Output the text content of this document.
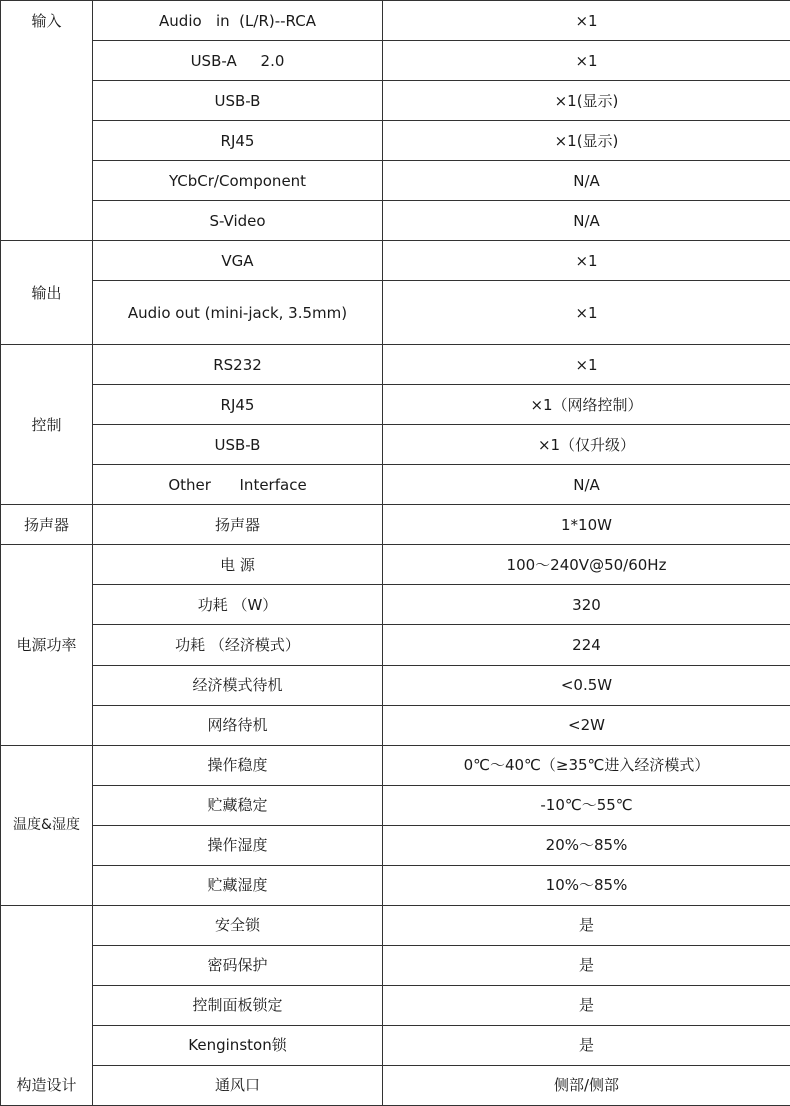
输入	Audio   in  (L/R)--RCA	×1
	USB-A     2.0	×1
	USB-B	×1(显示)
	RJ45	×1(显示)
	YCbCr/Component	N/A
	S-Video	N/A
输出	VGA	×1
	Audio out (mini-jack, 3.5mm)	×1
控制	RS232	×1
	RJ45	×1（网络控制）
	USB-B	×1（仅升级）
	Other      Interface	N/A
扬声器	扬声器	1*10W
电源功率	电 源	100～240V@50/60Hz
	功耗 （W）	320
	功耗 （经济模式）	224
	经济模式待机	<0.5W
	网络待机	<2W
温度&湿度	操作稳度	0℃～40℃（≥35℃进入经济模式）
	贮藏稳定	-10℃～55℃
	操作湿度	20%～85%
	贮藏湿度	10%～85%
构造设计	安全锁	是
	密码保护	是
	控制面板锁定	是
	Kenginston锁	是
	通风口	侧部/侧部
